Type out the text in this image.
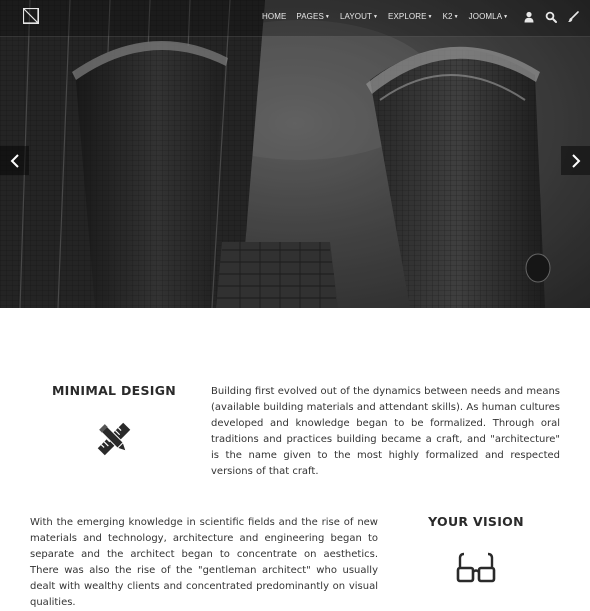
HOME PAGES▼ LAYOUT▼ EXPLORE▼ K2▼ JOOMLA▼
MINIMAL DESIGN	Building first evolved out of the dynamics between needs and means (available building materials and attendant skills). As human cultures developed and knowledge began to be formalized. Through oral traditions and practices building became a craft, and "architecture" is the name given to the most highly formalized and respected versions of that craft.
With the emerging knowledge in scientific fields and the rise of new materials and technology, architecture and engineering began to separate and the architect began to concentrate on aesthetics. There was also the rise of the "gentleman architect" who usually dealt with wealthy clients and concentrated predominantly on visual qualities.
YOUR VISION
